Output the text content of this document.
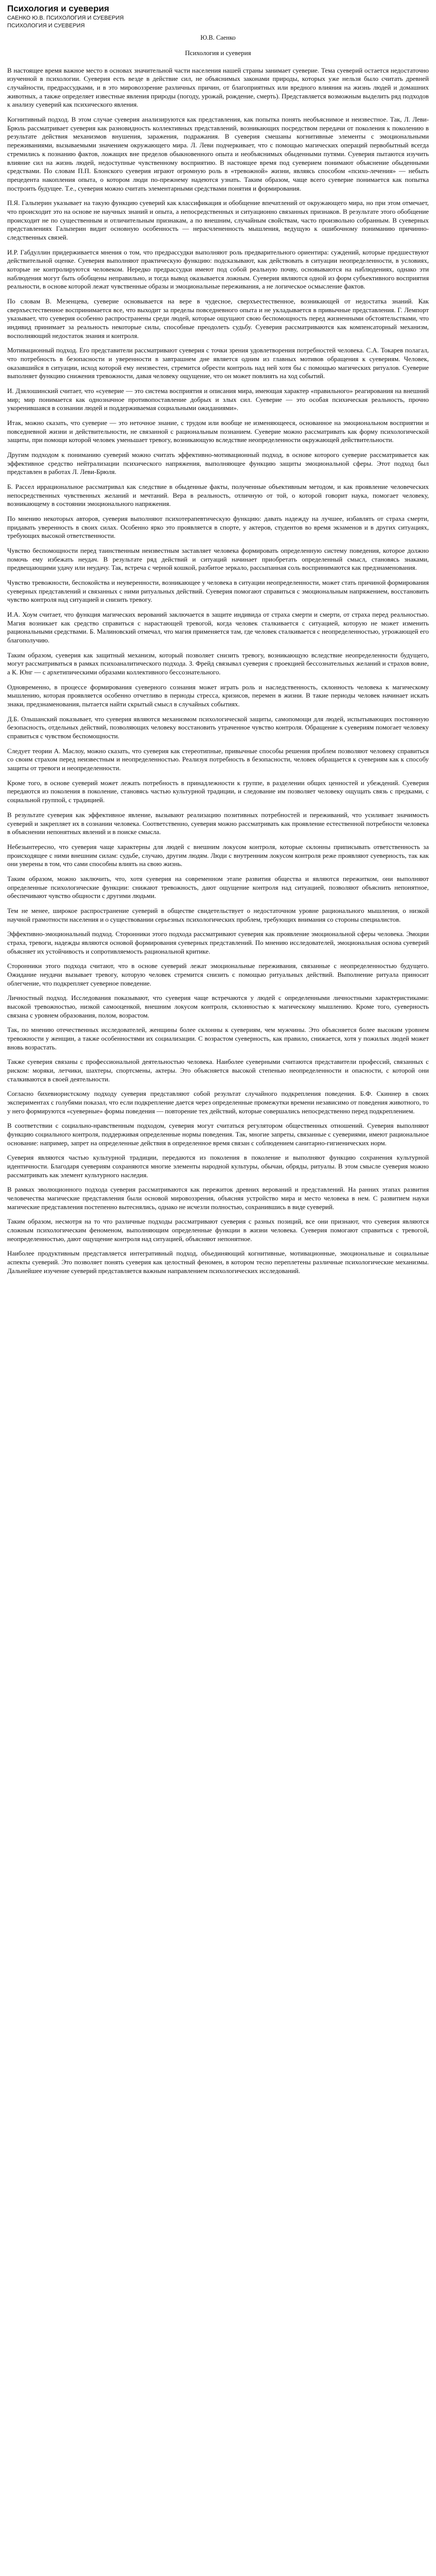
Психология и суеверия

САЕНКО Ю.В. ПСИХОЛОГИЯ И СУЕВЕРИЯ

ПСИХОЛОГИЯ И СУЕВЕРИЯ

Ю.В. Саенко
Психология и суеверия

В настоящее время важное место в основах значительной части населения нашей страны занимает суеверие. Тема суеверий остается недостаточно изученной в психологии. Суеверия есть везде в действие сил, не объяснимых законами природы, которых уже нельзя было считать древней случайности, предрассудками, и в это мировоззрение различных причин, от благоприятных или вредного влияния на жизнь людей и домашних животных, а также определяет известные явления природы (погоду, урожай, рождение, смерть). Представляется возможным выделить ряд подходов к анализу суеверий как психического явления.

Когнитивный подход. В этом случае суеверия анализируются как представления, как попытка понять необъяснимое и неизвестное. Так, Л. Леви-Брюль рассматривает суеверия как разновидность коллективных представлений, возникающих посредством передачи от поколения к поколению в результате действия механизмов внушения, заражения, подражания. В суеверия смешаны когнитивные элементы с эмоциональными переживаниями, вызываемыми значением окружающего мира. Л. Леви подчеркивает, что с помощью магических операций первобытный всегда стремились к познанию фактов, ложащих вне пределов обыкновенного опыта и необъяснимых обыденными путями. Суеверия пытаются изучить влияние сил на жизнь людей, недоступные чувственному восприятию. В настоящее время под суеверием понимают объяснение обыденными средствами. По словам П.П. Блонского суеверия играют огромную роль в «тревожной» жизни, являясь способом «психо-лечения» — небыть прецедента накопления опыта, о котором люди по-прежнему надеются узнать. Таким образом, чаще всего суеверие понимается как попытка построить будущее. Т.е., суеверия можно считать элементарными средствами понятия и формирования.

П.Я. Гальперин указывает на такую функцию суеверий как классификация и обобщение впечатлений от окружающего мира, но при этом отмечает, что происходит это на основе не научных знаний и опыта, а непосредственных и ситуационно связанных признаков. В результате этого обобщение происходит не по существенным и отличительным признакам, а по внешним, случайным свойствам, часто произвольно собранным. В суеверных представлениях Гальперин видит основную особенность — нерасчлененность мышления, ведущую к ошибочному пониманию причинно-следственных связей.

И.Р. Габдуллин придерживается мнения о том, что предрассудки выполняют роль предварительного ориентира: суждений, которые предшествуют действительной оценке. Суеверия выполняют практическую функцию: подсказывают, как действовать в ситуации неопределенности, в условиях, которые не контролируются человеком. Нередко предрассудки имеют под собой реальную почву, основываются на наблюдениях, однако эти наблюдения могут быть обобщены неправильно, и тогда вывод оказывается ложным. Суеверия являются одной из форм субъективного восприятия реальности, в основе которой лежат чувственные образы и эмоциональные переживания, а не логическое осмысление фактов.

По словам В. Мезенцева, суеверие основывается на вере в чудесное, сверхъестественное, возникающей от недостатка знаний. Как сверхъестественное воспринимается все, что выходит за пределы повседневного опыта и не укладывается в привычные представления. Г. Лемпорт указывает, что суеверия особенно распространены среди людей, которые ощущают свою беспомощность перед жизненными обстоятельствами, что индивид принимает за реальность некоторые силы, способные преодолеть судьбу. Суеверия рассматриваются как компенсаторный механизм, восполняющий недостаток знания и контроля.

Мотивационный подход. Его представители рассматривают суеверия с точки зрения удовлетворения потребностей человека. С.А. Токарев полагал, что потребность в безопасности и уверенности в завтрашнем дне является одним из главных мотивов обращения к суевериям. Человек, оказавшийся в ситуации, исход которой ему неизвестен, стремится обрести контроль над ней хотя бы с помощью магических ритуалов. Суеверие выполняет функцию снижения тревожности, давая человеку ощущение, что он может повлиять на ход событий.

И. Дзялошинский считает, что «суеверие — это система восприятия и описания мира, имеющая характер «правильного» реагирования на внешний мир; мир понимается как однозначное противопоставление добрых и злых сил. Суеверие — это особая психическая реальность, прочно укоренившаяся в сознании людей и поддерживаемая социальными ожиданиями».

Итак, можно сказать, что суеверие — это неточное знание, с трудом или вообще не изменяющееся, основанное на эмоциональном восприятии и повседневной жизни и действительности, не связанной с рациональным познанием. Суеверие можно рассматривать как форму психологической защиты, при помощи которой человек уменьшает тревогу, возникающую вследствие неопределенности окружающей действительности.

Другим подходом к пониманию суеверий можно считать эффективно-мотивационный подход, в основе которого суеверие рассматривается как эффективное средство нейтрализации психического напряжения, выполняющее функцию защиты эмоциональной сферы. Этот подход был представлен в работах Л. Леви-Брюля.

Б. Рассел иррациональное рассматривал как следствие в обыденные факты, полученные объективным методом, и как проявление человеческих непосредственных чувственных желаний и мечтаний. Вера в реальность, отличную от той, о которой говорит наука, помогает человеку, возникающему в состоянии эмоционального напряжения.

По мнению некоторых авторов, суеверия выполняют психотерапевтическую функцию: давать надежду на лучшее, избавлять от страха смерти, придавать уверенность в своих силах. Особенно ярко это проявляется в спорте, у актеров, студентов во время экзаменов и в других ситуациях, требующих высокой ответственности.

Чувство беспомощности перед таинственным неизвестным заставляет человека формировать определенную систему поведения, которое должно помочь ему избежать неудач. В результате ряд действий и ситуаций начинает приобретать определенный смысл, становясь знаками, предвещающими удачу или неудачу. Так, встреча с черной кошкой, разбитое зеркало, рассыпанная соль воспринимаются как предзнаменования.

Чувство тревожности, беспокойства и неуверенности, возникающее у человека в ситуации неопределенности, может стать причиной формирования суеверных представлений и связанных с ними ритуальных действий. Суеверия помогают справиться с эмоциональным напряжением, восстановить чувство контроля над ситуацией и снизить тревогу.

И.А. Хоум считает, что функция магических верований заключается в защите индивида от страха смерти и смерти, от страха перед реальностью. Магия возникает как средство справиться с нарастающей тревогой, когда человек сталкивается с ситуацией, которую не может изменить рациональными средствами. Б. Малиновский отмечал, что магия применяется там, где человек сталкивается с неопределенностью, угрожающей его благополучию.

Таким образом, суеверия как защитный механизм, который позволяет снизить тревогу, возникающую вследствие неопределенности будущего, могут рассматриваться в рамках психоаналитического подхода. З. Фрейд связывал суеверия с проекцией бессознательных желаний и страхов вовне, а К. Юнг — с архетипическими образами коллективного бессознательного.

Одновременно, в процессе формирования суеверного сознания может играть роль и наследственность, склонность человека к магическому мышлению, которая проявляется особенно отчетливо в периоды стресса, кризисов, перемен в жизни. В такие периоды человек начинает искать знаки, предзнаменования, пытается найти скрытый смысл в случайных событиях.

Д.Б. Ольшанский показывает, что суеверия являются механизмом психологической защиты, самопомощи для людей, испытывающих постоянную безопасность, отдельных действий, позволяющих человеку восстановить утраченное чувство контроля. Обращение к суевериям помогает человеку справиться с чувством беспомощности.

Следует теории А. Маслоу, можно сказать, что суеверия как стереотипные, привычные способы решения проблем позволяют человеку справиться со своим страхом перед неизвестным и неопределенностью. Реализуя потребность в безопасности, человек обращается к суевериям как к способу защиты от тревоги и неопределенности.

Кроме того, в основе суеверий может лежать потребность в принадлежности к группе, в разделении общих ценностей и убеждений. Суеверия передаются из поколения в поколение, становясь частью культурной традиции, и следование им позволяет человеку ощущать связь с предками, с социальной группой, с традицией.

В результате суеверия как эффективное явление, вызывают реализацию позитивных потребностей и переживаний, что усиливает значимость суеверий и закрепляет их в сознании человека. Соответственно, суеверия можно рассматривать как проявление естественной потребности человека в объяснении непонятных явлений и в поиске смысла.

Небезынтересно, что суеверия чаще характерны для людей с внешним локусом контроля, которые склонны приписывать ответственность за происходящее с ними внешним силам: судьбе, случаю, другим людям. Люди с внутренним локусом контроля реже проявляют суеверность, так как они уверены в том, что сами способны влиять на свою жизнь.

Таким образом, можно заключить, что, хотя суеверия на современном этапе развития общества и являются пережитком, они выполняют определенные психологические функции: снижают тревожность, дают ощущение контроля над ситуацией, позволяют объяснить непонятное, обеспечивают чувство общности с другими людьми.

Тем не менее, широкое распространение суеверий в обществе свидетельствует о недостаточном уровне рационального мышления, о низкой научной грамотности населения и о существовании серьезных психологических проблем, требующих внимания со стороны специалистов.

Эффективно-эмоциональный подход. Сторонники этого подхода рассматривают суеверия как проявление эмоциональной сферы человека. Эмоции страха, тревоги, надежды являются основой формирования суеверных представлений. По мнению исследователей, эмоциональная основа суеверий объясняет их устойчивость и сопротивляемость рациональной критике.

Сторонники этого подхода считают, что в основе суеверий лежат эмоциональные переживания, связанные с неопределенностью будущего. Ожидание неудачи вызывает тревогу, которую человек стремится снизить с помощью ритуальных действий. Выполнение ритуала приносит облегчение, что подкрепляет суеверное поведение.

Личностный подход. Исследования показывают, что суеверия чаще встречаются у людей с определенными личностными характеристиками: высокой тревожностью, низкой самооценкой, внешним локусом контроля, склонностью к магическому мышлению. Кроме того, суеверность связана с уровнем образования, полом, возрастом.

Так, по мнению отечественных исследователей, женщины более склонны к суевериям, чем мужчины. Это объясняется более высоким уровнем тревожности у женщин, а также особенностями их социализации. С возрастом суеверность, как правило, снижается, хотя у пожилых людей может вновь возрастать.

Также суеверия связаны с профессиональной деятельностью человека. Наиболее суеверными считаются представители профессий, связанных с риском: моряки, летчики, шахтеры, спортсмены, актеры. Это объясняется высокой степенью неопределенности и опасности, с которой они сталкиваются в своей деятельности.

Согласно бихевиористскому подходу суеверия представляют собой результат случайного подкрепления поведения. Б.Ф. Скиннер в своих экспериментах с голубями показал, что если подкрепление дается через определенные промежутки времени независимо от поведения животного, то у него формируются «суеверные» формы поведения — повторение тех действий, которые совершались непосредственно перед подкреплением.

В соответствии с социально-нравственным подходом, суеверия могут считаться регулятором общественных отношений. Суеверия выполняют функцию социального контроля, поддерживая определенные нормы поведения. Так, многие запреты, связанные с суевериями, имеют рациональное основание: например, запрет на определенные действия в определенное время связан с соблюдением санитарно-гигиенических норм.

Суеверия являются частью культурной традиции, передаются из поколения в поколение и выполняют функцию сохранения культурной идентичности. Благодаря суевериям сохраняются многие элементы народной культуры, обычаи, обряды, ритуалы. В этом смысле суеверия можно рассматривать как элемент культурного наследия.

В рамках эволюционного подхода суеверия рассматриваются как пережиток древних верований и представлений. На ранних этапах развития человечества магические представления были основой мировоззрения, объясняя устройство мира и место человека в нем. С развитием науки магические представления постепенно вытеснялись, однако не исчезли полностью, сохранившись в виде суеверий.

Таким образом, несмотря на то что различные подходы рассматривают суеверия с разных позиций, все они признают, что суеверия являются сложным психологическим феноменом, выполняющим определенные функции в жизни человека. Суеверия помогают справиться с тревогой, неопределенностью, дают ощущение контроля над ситуацией, объясняют непонятное.

Наиболее продуктивным представляется интегративный подход, объединяющий когнитивные, мотивационные, эмоциональные и социальные аспекты суеверий. Это позволяет понять суеверия как целостный феномен, в котором тесно переплетены различные психологические механизмы. Дальнейшее изучение суеверий представляется важным направлением психологических исследований.
